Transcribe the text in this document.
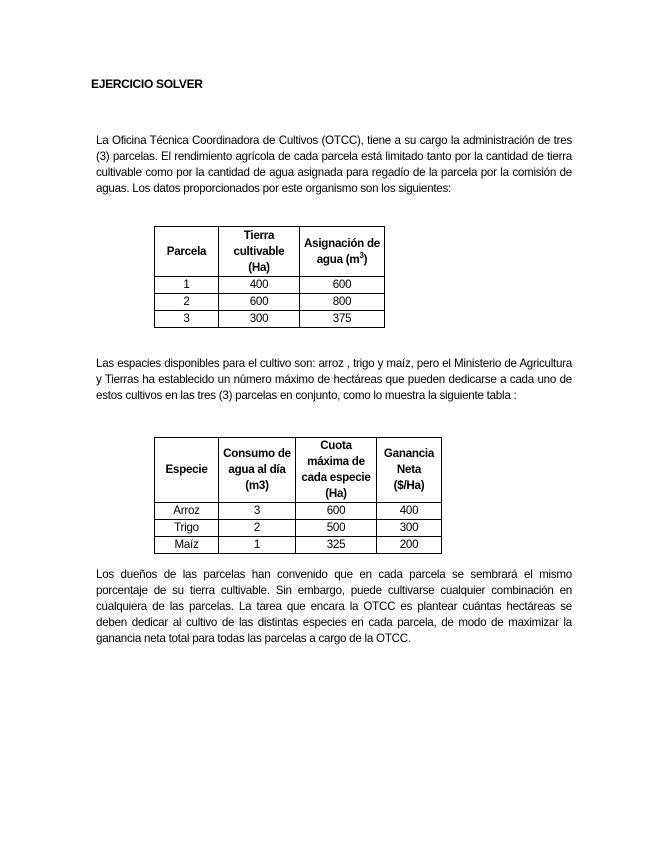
EJERCICIO SOLVER

La Oficina Técnica Coordinadora de Cultivos (OTCC), tiene a su cargo la administración de tres (3) parcelas. El rendimiento agrícola de cada parcela está limitado tanto por la cantidad de tierra cultivable como por la cantidad de agua asignada para regadío de la parcela por la comisión de aguas. Los datos proporcionados por este organismo son los siguientes:

Parcela	Tierra cultivable (Ha)	Asignación de agua $(m^3)$
1	400	600
2	600	800
3	300	375

Las espacies disponibles para el cultivo son: arroz , trigo y maíz, pero el Ministerio de Agricultura y Tierras ha establecido un número máximo de hectáreas que pueden dedicarse a cada uno de estos cultivos en las tres (3) parcelas en conjunto, como lo muestra la siguiente tabla :

Especie	Consumo de agua al día (m3)	Cuota máxima de cada especie (Ha)	Ganancia Neta ($/Ha)
Arroz	3	600	400
Trigo	2	500	300
Maíz	1	325	200

Los dueños de las parcelas han convenido que en cada parcela se sembrará el mismo porcentaje de su tierra cultivable. Sin embargo, puede cultivarse cualquier combinación en cualquiera de las parcelas. La tarea que encara la OTCC es plantear cuántas hectáreas se deben dedicar al cultivo de las distintas especies en cada parcela, de modo de maximizar la ganancia neta total para todas las parcelas a cargo de la OTCC.
